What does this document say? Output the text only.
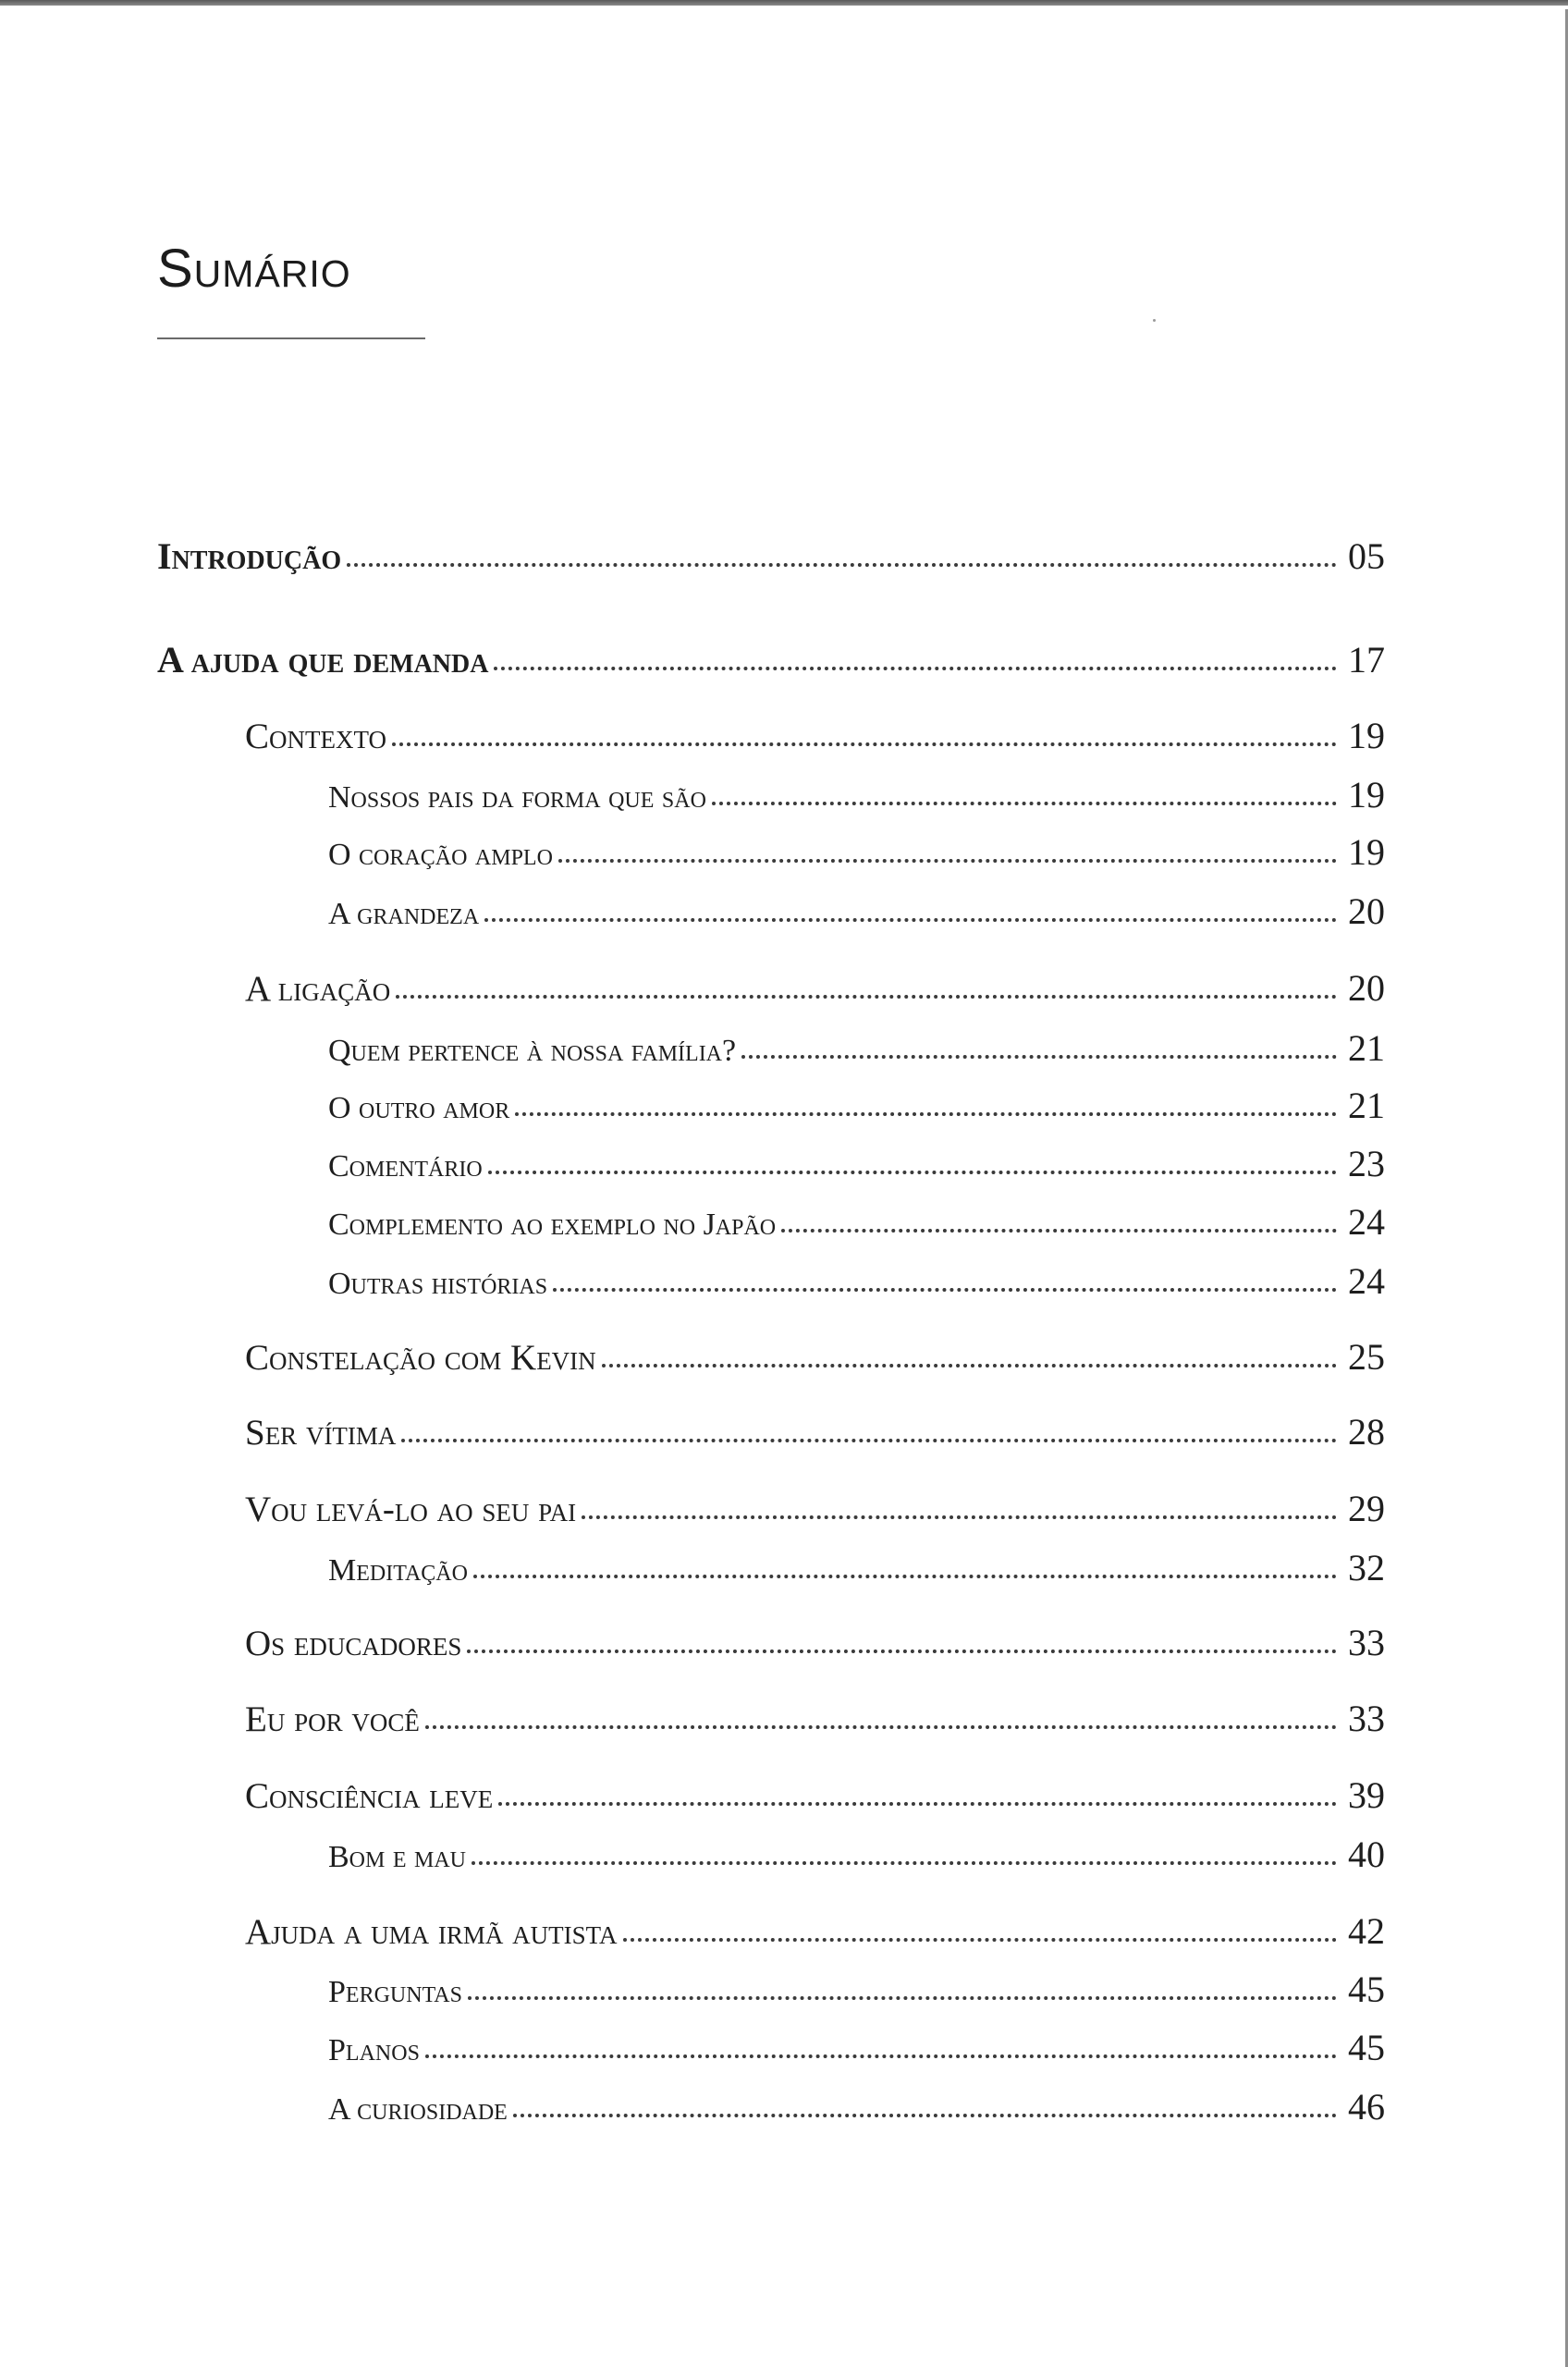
Sumário
Introdução	05
A ajuda que demanda	17
Contexto	19
Nossos pais da forma que são	19
O coração amplo	19
A grandeza	20
A ligação	20
Quem pertence à nossa família?	21
O outro amor	21
Comentário	23
Complemento ao exemplo no Japão	24
Outras histórias	24
Constelação com Kevin	25
Ser vítima	28
Vou levá-lo ao seu pai	29
Meditação	32
Os educadores	33
Eu por você	33
Consciência leve	39
Bom e mau	40
Ajuda a uma irmã autista	42
Perguntas	45
Planos	45
A curiosidade	46
